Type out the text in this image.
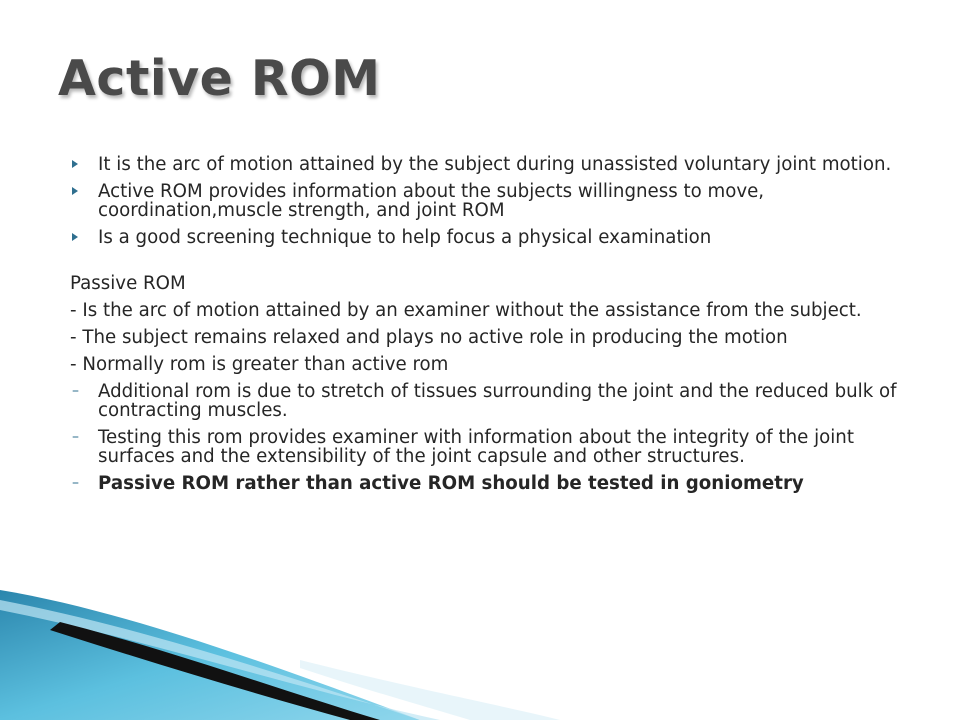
Active ROM
It is the arc of motion attained by the subject during unassisted voluntary joint motion.
Active ROM provides information about the subjects willingness to move, coordination,muscle strength, and joint ROM
Is a good screening technique to help focus a physical examination

Passive ROM

- Is the arc of motion attained by an examiner without the assistance from the subject.

- The subject remains relaxed and plays no active role in producing the motion

- Normally rom is greater than active rom

– Additional rom is due to stretch of tissues surrounding the joint and the reduced bulk of contracting muscles.
– Testing this rom provides examiner with information about the integrity of the joint surfaces and the extensibility of the joint capsule and other structures.
– Passive ROM rather than active ROM should be tested in goniometry
